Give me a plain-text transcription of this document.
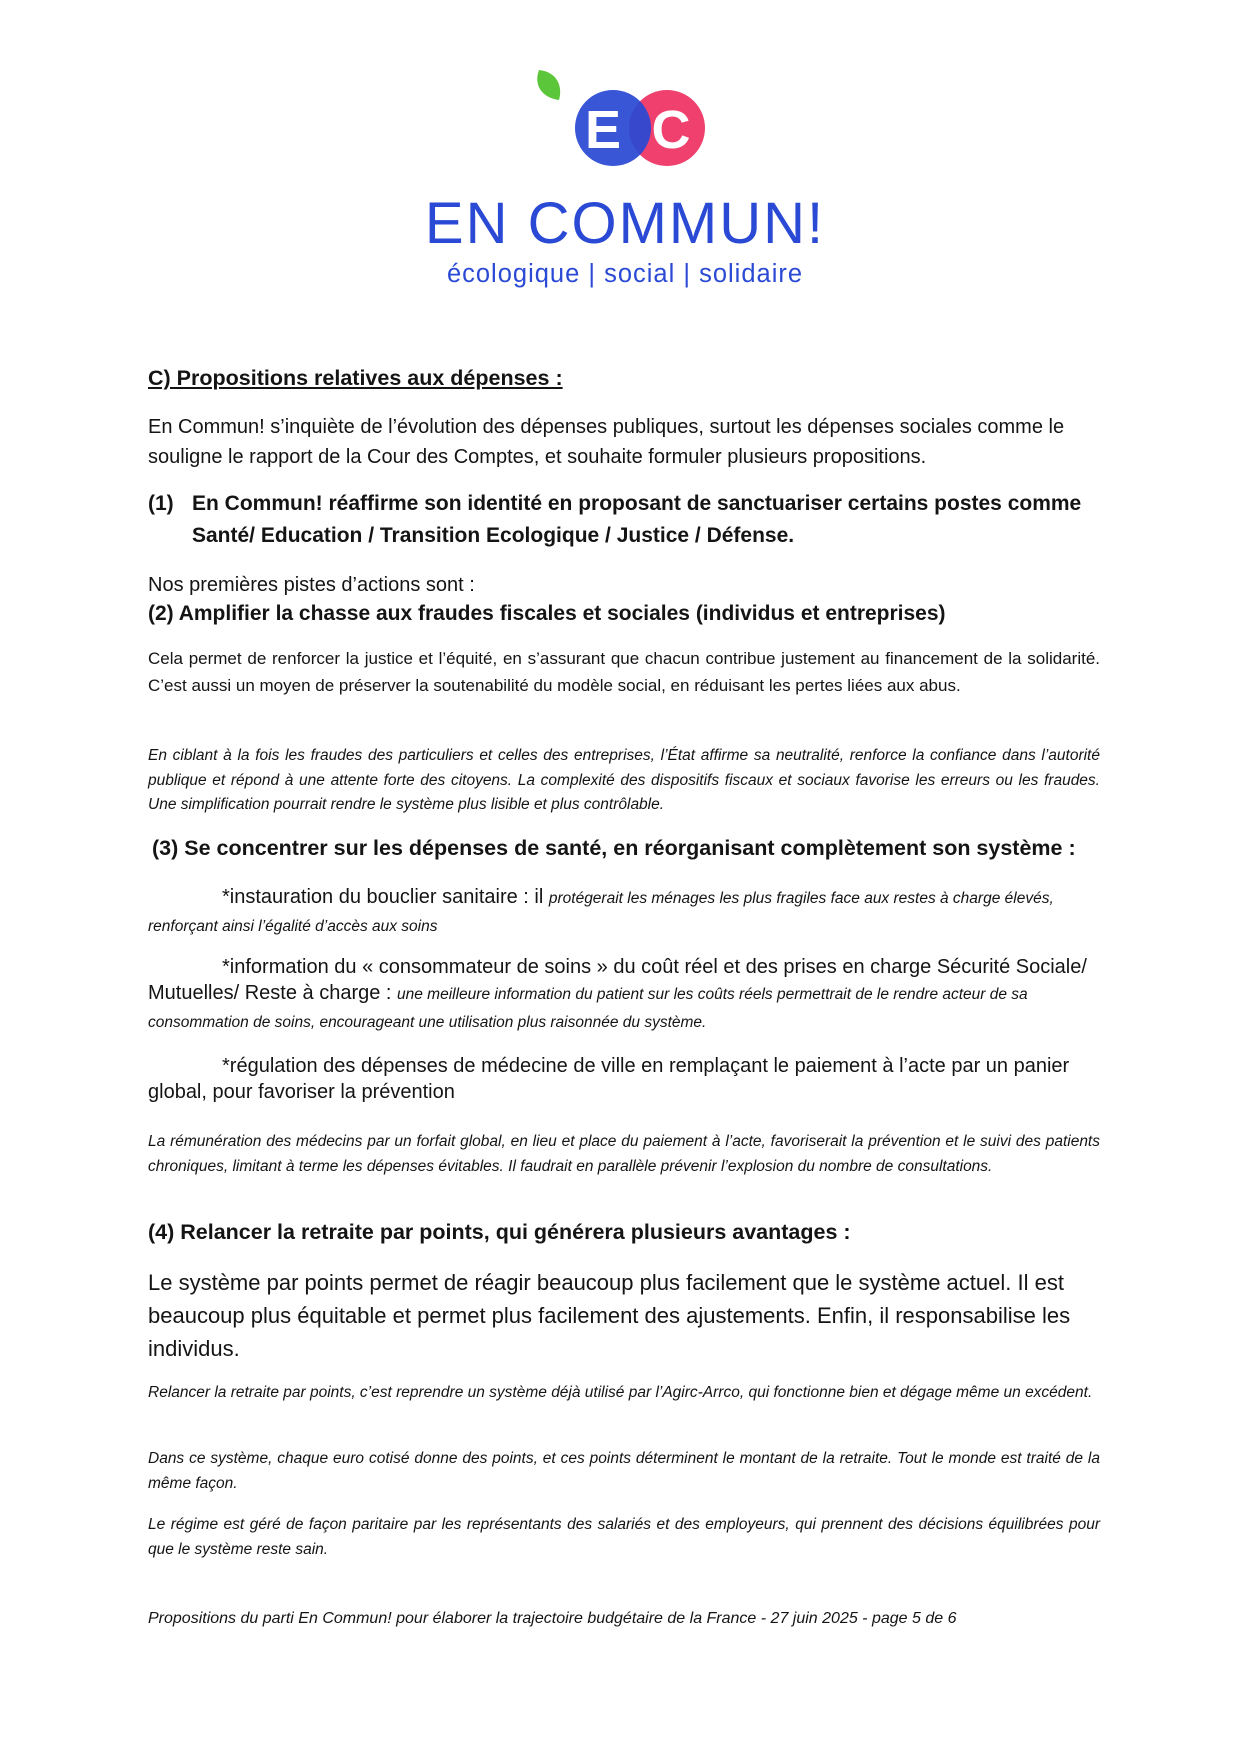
E C
EN COMMUN!
écologique | social | solidaire
C) Propositions relatives aux dépenses :

En Commun! s’inquiète de l’évolution des dépenses publiques, surtout les dépenses sociales comme le souligne le rapport de la Cour des Comptes, et souhaite formuler plusieurs propositions.

(1) En Commun! réaffirme son identité en proposant de sanctuariser certains postes comme Santé/ Education / Transition Ecologique / Justice / Défense.

Nos premières pistes d’actions sont :

(2) Amplifier la chasse aux fraudes fiscales et sociales (individus et entreprises)

Cela permet de renforcer la justice et l’équité, en s’assurant que chacun contribue justement au financement de la solidarité. C’est aussi un moyen de préserver la soutenabilité du modèle social, en réduisant les pertes liées aux abus.

En ciblant à la fois les fraudes des particuliers et celles des entreprises, l’État affirme sa neutralité, renforce la confiance dans l’autorité publique et répond à une attente forte des citoyens. La complexité des dispositifs fiscaux et sociaux favorise les erreurs ou les fraudes. Une simplification pourrait rendre le système plus lisible et plus contrôlable.

(3) Se concentrer sur les dépenses de santé, en réorganisant complètement son système :

*instauration du bouclier sanitaire : il protégerait les ménages les plus fragiles face aux restes à charge élevés, renforçant ainsi l’égalité d’accès aux soins

*information du « consommateur de soins » du coût réel et des prises en charge Sécurité Sociale/ Mutuelles/ Reste à charge : une meilleure information du patient sur les coûts réels permettrait de le rendre acteur de sa consommation de soins, encourageant une utilisation plus raisonnée du système.

*régulation des dépenses de médecine de ville en remplaçant le paiement à l’acte par un panier global, pour favoriser la prévention

La rémunération des médecins par un forfait global, en lieu et place du paiement à l’acte, favoriserait la prévention et le suivi des patients chroniques, limitant à terme les dépenses évitables. Il faudrait en parallèle prévenir l’explosion du nombre de consultations.

(4) Relancer la retraite par points, qui générera plusieurs avantages :

Le système par points permet de réagir beaucoup plus facilement que le système actuel. Il est beaucoup plus équitable et permet plus facilement des ajustements. Enfin, il responsabilise les individus.

Relancer la retraite par points, c’est reprendre un système déjà utilisé par l’Agirc-Arrco, qui fonctionne bien et dégage même un excédent.

Dans ce système, chaque euro cotisé donne des points, et ces points déterminent le montant de la retraite. Tout le monde est traité de la même façon.

Le régime est géré de façon paritaire par les représentants des salariés et des employeurs, qui prennent des décisions équilibrées pour que le système reste sain.

Propositions du parti En Commun! pour élaborer la trajectoire budgétaire de la France - 27 juin 2025 - page 5 de 6
